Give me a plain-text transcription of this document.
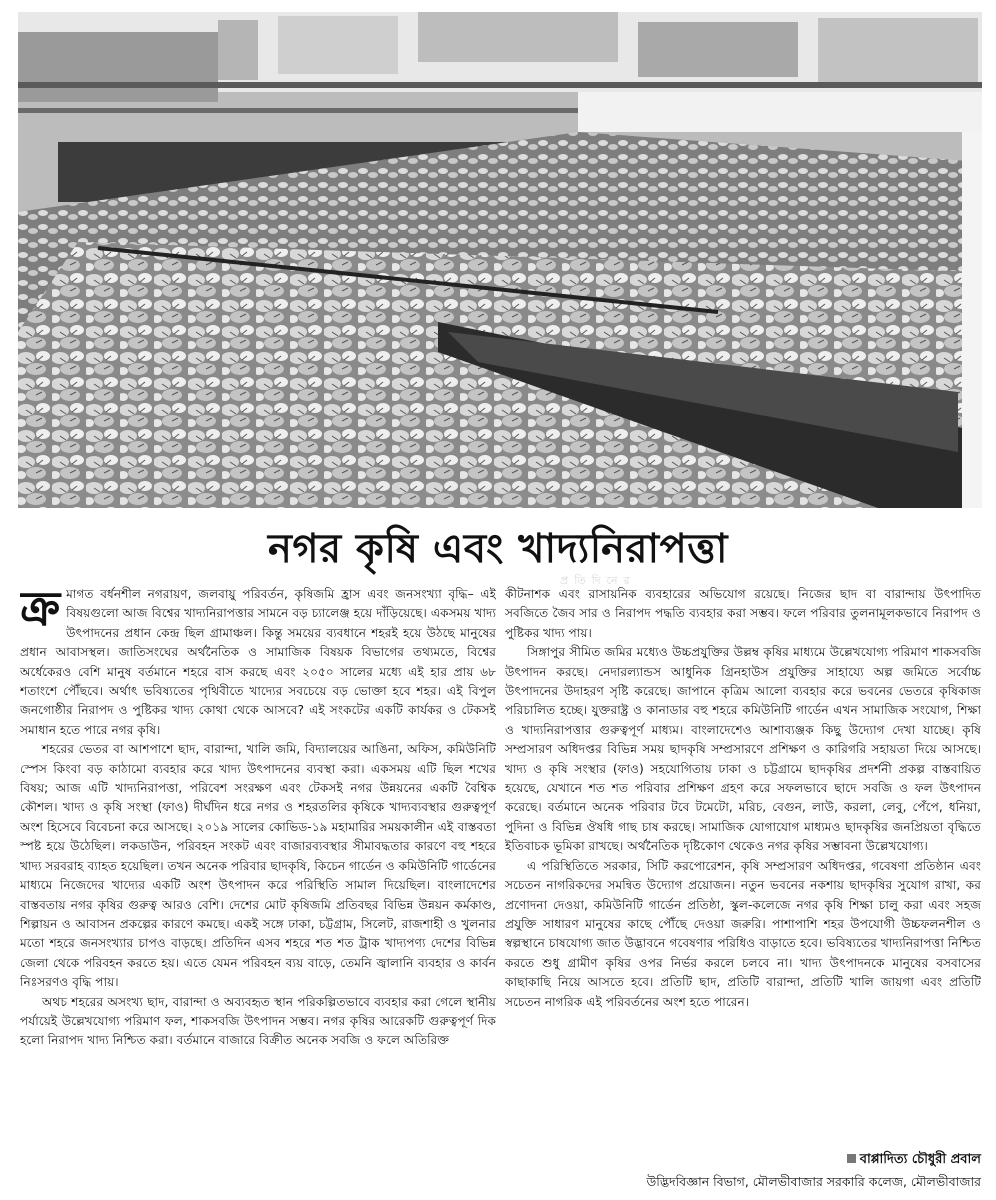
নগর কৃষি এবং খাদ্যনিরাপত্তা
প্রতিদিনের

ক্র মাগত বর্ধনশীল নগরায়ণ, জলবায়ু পরিবর্তন, কৃষিজমি হ্রাস এবং জনসংখ্যা বৃদ্ধি– এই বিষয়গুলো আজ বিশ্বের খাদ্যনিরাপত্তার সামনে বড় চ্যালেঞ্জ হয়ে দাঁড়িয়েছে। একসময় খাদ্য উৎপাদনের প্রধান কেন্দ্র ছিল গ্রামাঞ্চল। কিন্তু সময়ের ব্যবধানে শহরই হয়ে উঠছে মানুষের প্রধান আবাসস্থল। জাতিসংঘের অর্থনৈতিক ও সামাজিক বিষয়ক বিভাগের তথ্যমতে, বিশ্বের অর্ধেকেরও বেশি মানুষ বর্তমানে শহরে বাস করছে এবং ২০৫০ সালের মধ্যে এই হার প্রায় ৬৮ শতাংশে পৌঁছবে। অর্থাৎ ভবিষ্যতের পৃথিবীতে খাদ্যের সবচেয়ে বড় ভোক্তা হবে শহর। এই বিপুল জনগোষ্ঠীর নিরাপদ ও পুষ্টিকর খাদ্য কোথা থেকে আসবে? এই সংকটের একটি কার্যকর ও টেকসই সমাধান হতে পারে নগর কৃষি।

শহরের ভেতর বা আশপাশে ছাদ, বারান্দা, খালি জমি, বিদ্যালয়ের আঙিনা, অফিস, কমিউনিটি স্পেস কিংবা বড় কাঠামো ব্যবহার করে খাদ্য উৎপাদনের ব্যবস্থা করা। একসময় এটি ছিল শখের বিষয়; আজ এটি খাদ্যনিরাপত্তা, পরিবেশ সংরক্ষণ এবং টেকসই নগর উন্নয়নের একটি বৈশ্বিক কৌশল। খাদ্য ও কৃষি সংস্থা (ফাও) দীর্ঘদিন ধরে নগর ও শহরতলির কৃষিকে খাদ্যব্যবস্থার গুরুত্বপূর্ণ অংশ হিসেবে বিবেচনা করে আসছে। ২০১৯ সালের কোভিড-১৯ মহামারির সময়কালীন এই বাস্তবতা স্পষ্ট হয়ে উঠেছিল। লকডাউন, পরিবহন সংকট এবং বাজারব্যবস্থার সীমাবদ্ধতার কারণে বহু শহরে খাদ্য সরবরাহ ব্যাহত হয়েছিল। তখন অনেক পরিবার ছাদকৃষি, কিচেন গার্ডেন ও কমিউনিটি গার্ডেনের মাধ্যমে নিজেদের খাদ্যের একটি অংশ উৎপাদন করে পরিস্থিতি সামাল দিয়েছিল। বাংলাদেশের বাস্তবতায় নগর কৃষির গুরুত্ব আরও বেশি। দেশের মোট কৃষিজমি প্রতিবছর বিভিন্ন উন্নয়ন কর্মকাণ্ড, শিল্পায়ন ও আবাসন প্রকল্পের কারণে কমছে। একই সঙ্গে ঢাকা, চট্টগ্রাম, সিলেট, রাজশাহী ও খুলনার মতো শহরে জনসংখ্যার চাপও বাড়ছে। প্রতিদিন এসব শহরে শত শত ট্রাক খাদ্যপণ্য দেশের বিভিন্ন জেলা থেকে পরিবহন করতে হয়। এতে যেমন পরিবহন ব্যয় বাড়ে, তেমনি জ্বালানি ব্যবহার ও কার্বন নিঃসরণও বৃদ্ধি পায়।

অথচ শহরের অসংখ্য ছাদ, বারান্দা ও অব্যবহৃত স্থান পরিকল্পিতভাবে ব্যবহার করা গেলে স্থানীয় পর্যায়েই উল্লেখযোগ্য পরিমাণ ফল, শাকসবজি উৎপাদন সম্ভব। নগর কৃষির আরেকটি গুরুত্বপূর্ণ দিক হলো নিরাপদ খাদ্য নিশ্চিত করা। বর্তমানে বাজারে বিক্রীত অনেক সবজি ও ফলে অতিরিক্ত

কীটনাশক এবং রাসায়নিক ব্যবহারের অভিযোগ রয়েছে। নিজের ছাদ বা বারান্দায় উৎপাদিত সবজিতে জৈব সার ও নিরাপদ পদ্ধতি ব্যবহার করা সম্ভব। ফলে পরিবার তুলনামূলকভাবে নিরাপদ ও পুষ্টিকর খাদ্য পায়।

সিঙ্গাপুর সীমিত জমির মধ্যেও উচ্চপ্রযুক্তির উল্লম্ব কৃষির মাধ্যমে উল্লেখযোগ্য পরিমাণ শাকসবজি উৎপাদন করছে। নেদারল্যান্ডস আধুনিক গ্রিনহাউস প্রযুক্তির সাহায্যে অল্প জমিতে সর্বোচ্চ উৎপাদনের উদাহরণ সৃষ্টি করেছে। জাপানে কৃত্রিম আলো ব্যবহার করে ভবনের ভেতরে কৃষিকাজ পরিচালিত হচ্ছে। যুক্তরাষ্ট্র ও কানাডার বহু শহরে কমিউনিটি গার্ডেন এখন সামাজিক সংযোগ, শিক্ষা ও খাদ্যনিরাপত্তার গুরুত্বপূর্ণ মাধ্যম। বাংলাদেশেও আশাব্যঞ্জক কিছু উদ্যোগ দেখা যাচ্ছে। কৃষি সম্প্রসারণ অধিদপ্তর বিভিন্ন সময় ছাদকৃষি সম্প্রসারণে প্রশিক্ষণ ও কারিগরি সহায়তা দিয়ে আসছে। খাদ্য ও কৃষি সংস্থার (ফাও) সহযোগিতায় ঢাকা ও চট্টগ্রামে ছাদকৃষির প্রদর্শনী প্রকল্প বাস্তবায়িত হয়েছে, যেখানে শত শত পরিবার প্রশিক্ষণ গ্রহণ করে সফলভাবে ছাদে সবজি ও ফল উৎপাদন করেছে। বর্তমানে অনেক পরিবার টবে টমেটো, মরিচ, বেগুন, লাউ, করলা, লেবু, পেঁপে, ধনিয়া, পুদিনা ও বিভিন্ন ঔষধি গাছ চাষ করছে। সামাজিক যোগাযোগ মাধ্যমও ছাদকৃষির জনপ্রিয়তা বৃদ্ধিতে ইতিবাচক ভূমিকা রাখছে। অর্থনৈতিক দৃষ্টিকোণ থেকেও নগর কৃষির সম্ভাবনা উল্লেখযোগ্য।

এ পরিস্থিতিতে সরকার, সিটি করপোরেশন, কৃষি সম্প্রসারণ অধিদপ্তর, গবেষণা প্রতিষ্ঠান এবং সচেতন নাগরিকদের সমন্বিত উদ্যোগ প্রয়োজন। নতুন ভবনের নকশায় ছাদকৃষির সুযোগ রাখা, কর প্রণোদনা দেওয়া, কমিউনিটি গার্ডেন প্রতিষ্ঠা, স্কুল-কলেজে নগর কৃষি শিক্ষা চালু করা এবং সহজ প্রযুক্তি সাধারণ মানুষের কাছে পৌঁছে দেওয়া জরুরি। পাশাপাশি শহর উপযোগী উচ্চফলনশীল ও স্বল্পস্থানে চাষযোগ্য জাত উদ্ভাবনে গবেষণার পরিধিও বাড়াতে হবে। ভবিষ্যতের খাদ্যনিরাপত্তা নিশ্চিত করতে শুধু গ্রামীণ কৃষির ওপর নির্ভর করলে চলবে না। খাদ্য উৎপাদনকে মানুষের বসবাসের কাছাকাছি নিয়ে আসতে হবে। প্রতিটি ছাদ, প্রতিটি বারান্দা, প্রতিটি খালি জায়গা এবং প্রতিটি সচেতন নাগরিক এই পরিবর্তনের অংশ হতে পারেন।

বাপ্পাদিত্য চৌধুরী প্রবাল
উদ্ভিদবিজ্ঞান বিভাগ, মৌলভীবাজার সরকারি কলেজ, মৌলভীবাজার
